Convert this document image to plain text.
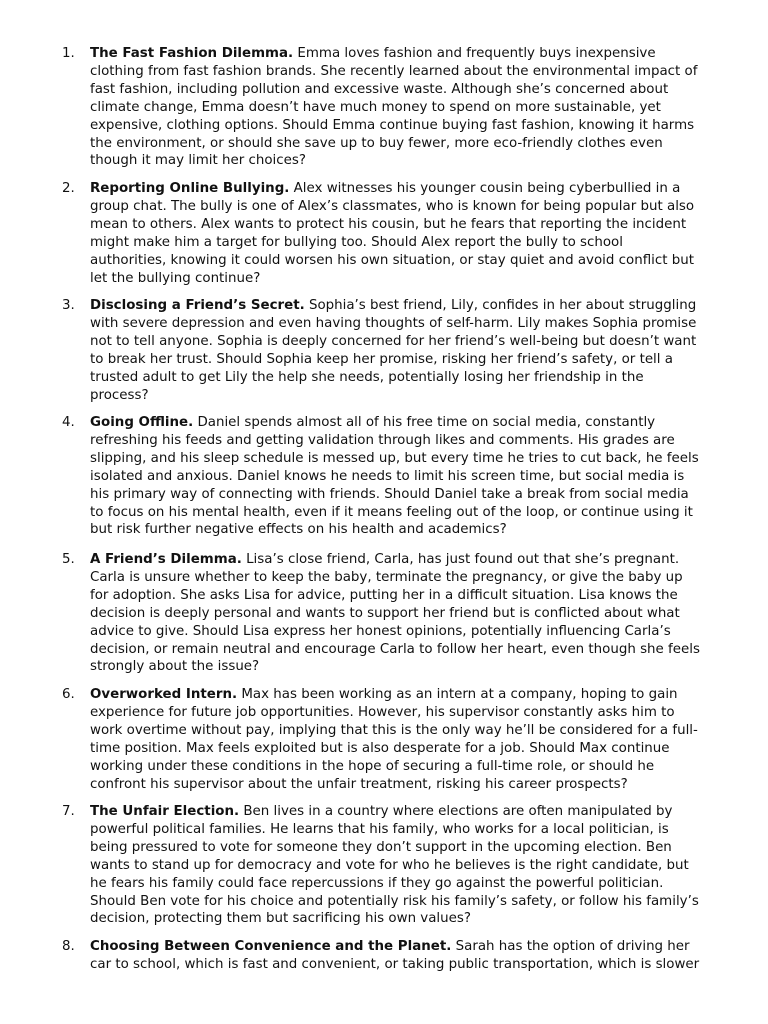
1.	The Fast Fashion Dilemma. Emma loves fashion and frequently buys inexpensive
clothing from fast fashion brands. She recently learned about the environmental impact of
fast fashion, including pollution and excessive waste. Although she’s concerned about
climate change, Emma doesn’t have much money to spend on more sustainable, yet
expensive, clothing options. Should Emma continue buying fast fashion, knowing it harms
the environment, or should she save up to buy fewer, more eco-friendly clothes even
though it may limit her choices?
2.	Reporting Online Bullying. Alex witnesses his younger cousin being cyberbullied in a
group chat. The bully is one of Alex’s classmates, who is known for being popular but also
mean to others. Alex wants to protect his cousin, but he fears that reporting the incident
might make him a target for bullying too. Should Alex report the bully to school
authorities, knowing it could worsen his own situation, or stay quiet and avoid conflict but
let the bullying continue?
3.	Disclosing a Friend’s Secret. Sophia’s best friend, Lily, confides in her about struggling
with severe depression and even having thoughts of self-harm. Lily makes Sophia promise
not to tell anyone. Sophia is deeply concerned for her friend’s well-being but doesn’t want
to break her trust. Should Sophia keep her promise, risking her friend’s safety, or tell a
trusted adult to get Lily the help she needs, potentially losing her friendship in the
process?
4.	Going Offline. Daniel spends almost all of his free time on social media, constantly
refreshing his feeds and getting validation through likes and comments. His grades are
slipping, and his sleep schedule is messed up, but every time he tries to cut back, he feels
isolated and anxious. Daniel knows he needs to limit his screen time, but social media is
his primary way of connecting with friends. Should Daniel take a break from social media
to focus on his mental health, even if it means feeling out of the loop, or continue using it
but risk further negative effects on his health and academics?
5.	A Friend’s Dilemma. Lisa’s close friend, Carla, has just found out that she’s pregnant.
Carla is unsure whether to keep the baby, terminate the pregnancy, or give the baby up
for adoption. She asks Lisa for advice, putting her in a difficult situation. Lisa knows the
decision is deeply personal and wants to support her friend but is conflicted about what
advice to give. Should Lisa express her honest opinions, potentially influencing Carla’s
decision, or remain neutral and encourage Carla to follow her heart, even though she feels
strongly about the issue?
6.	Overworked Intern. Max has been working as an intern at a company, hoping to gain
experience for future job opportunities. However, his supervisor constantly asks him to
work overtime without pay, implying that this is the only way he’ll be considered for a full-
time position. Max feels exploited but is also desperate for a job. Should Max continue
working under these conditions in the hope of securing a full-time role, or should he
confront his supervisor about the unfair treatment, risking his career prospects?
7.	The Unfair Election. Ben lives in a country where elections are often manipulated by
powerful political families. He learns that his family, who works for a local politician, is
being pressured to vote for someone they don’t support in the upcoming election. Ben
wants to stand up for democracy and vote for who he believes is the right candidate, but
he fears his family could face repercussions if they go against the powerful politician.
Should Ben vote for his choice and potentially risk his family’s safety, or follow his family’s
decision, protecting them but sacrificing his own values?
8.	Choosing Between Convenience and the Planet. Sarah has the option of driving her
car to school, which is fast and convenient, or taking public transportation, which is slower
